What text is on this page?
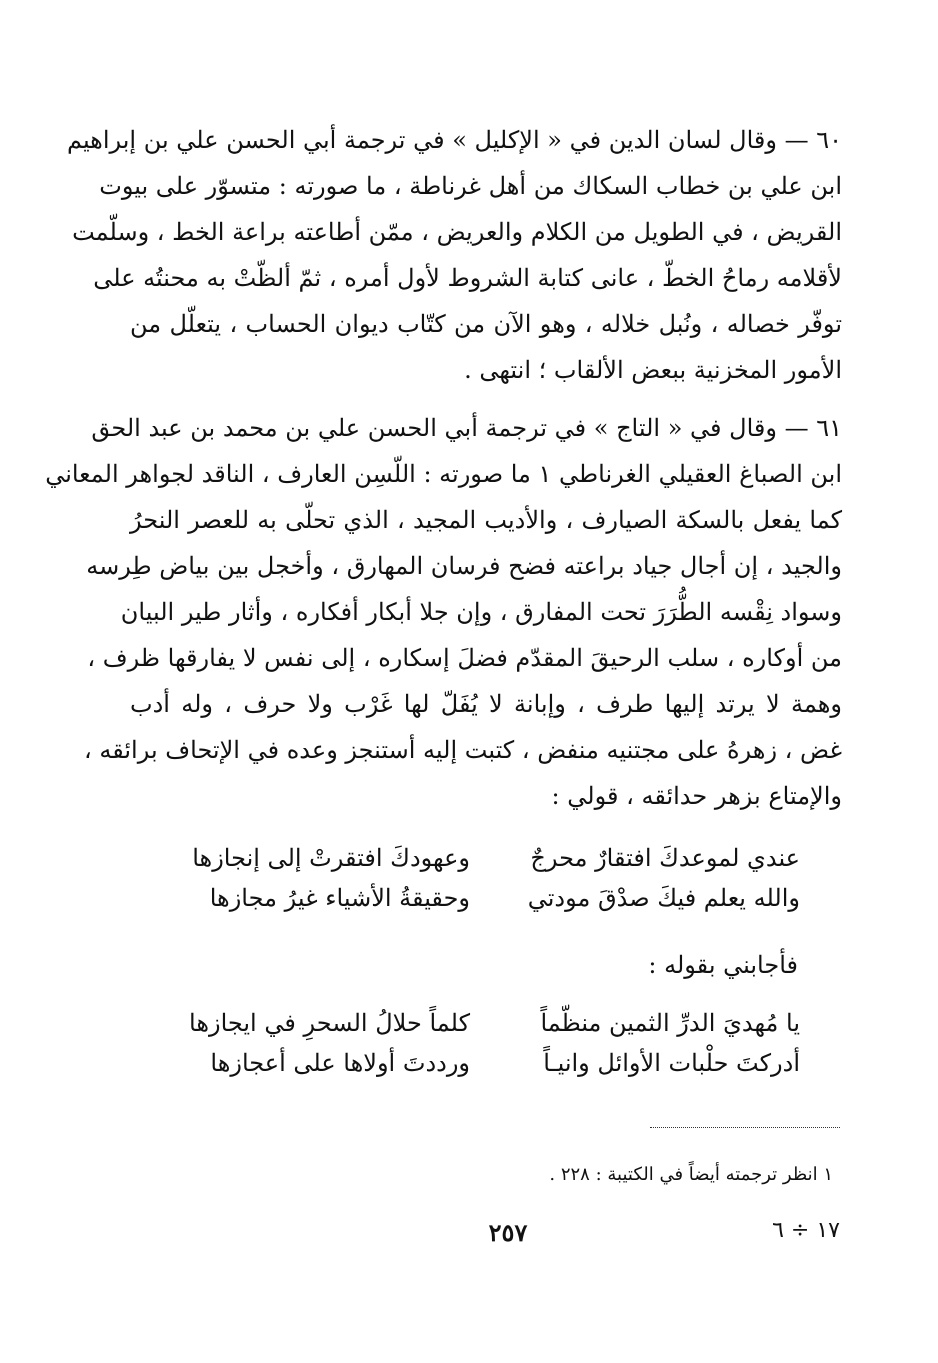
٦٠ — وقال لسان الدين في « الإكليل » في ترجمة أبي الحسن علي بن إبراهيم
ابن علي بن خطاب السكاك من أهل غرناطة ، ما صورته : متسوّر على بيوت
القريض ، في الطويل من الكلام والعريض ، ممّن أطاعته براعة الخط ، وسلّمت
لأقلامه رماحُ الخطّ ، عانى كتابة الشروط لأول أمره ، ثمّ ألظّتْ به محنتُه على
توفّر خصاله ، ونُبل خلاله ، وهو الآن من كتّاب ديوان الحساب ، يتعلّل من
الأمور المخزنية ببعض الألقاب ؛ انتهى .
٦١ — وقال في « التاج » في ترجمة أبي الحسن علي بن محمد بن عبد الحق
ابن الصباغ العقيلي الغرناطي ١ ما صورته : اللّسِن العارف ، الناقد لجواهر المعاني
كما يفعل بالسكة الصيارف ، والأديب المجيد ، الذي تحلّى به للعصر النحرُ
والجيد ، إن أجال جياد براعته فضح فرسان المهارق ، وأخجل بين بياض طِرسه
وسواد نِقْسه الطُّرَرَ تحت المفارق ، وإن جلا أبكار أفكاره ، وأثار طير البيان
من أوكاره ، سلب الرحيقَ المقدّم فضلَ إسكاره ، إلى نفس لا يفارقها ظرف ،
وهمة لا يرتد إليها طرف ، وإبانة لا يُفَلّ لها غَرْب ولا حرف ، وله أدب
غض ، زهرهُ على مجتنيه منفض ، كتبت إليه أستنجز وعده في الإتحاف برائقه ،
والإمتاع بزهر حدائقه ، قولي :
عندي لموعدكَ افتقارٌ محرجٌ
وعهودكَ افتقرتْ إلى إنجازها
والله يعلم فيكَ صدْقَ مودتي
وحقيقةُ الأشياء غيرُ مجازها
فأجابني بقوله :
يا مُهديَ الدرِّ الثمين منظّماً
كلماً حلالُ السحرِ في ايجازها
أدركتَ حلْبات الأوائل وانيـاً
ورددتَ أولاها على أعجازها
١ انظر ترجمته أيضاً في الكتيبة : ٢٢٨ .
٢٥٧	١٧ ÷ ٦
